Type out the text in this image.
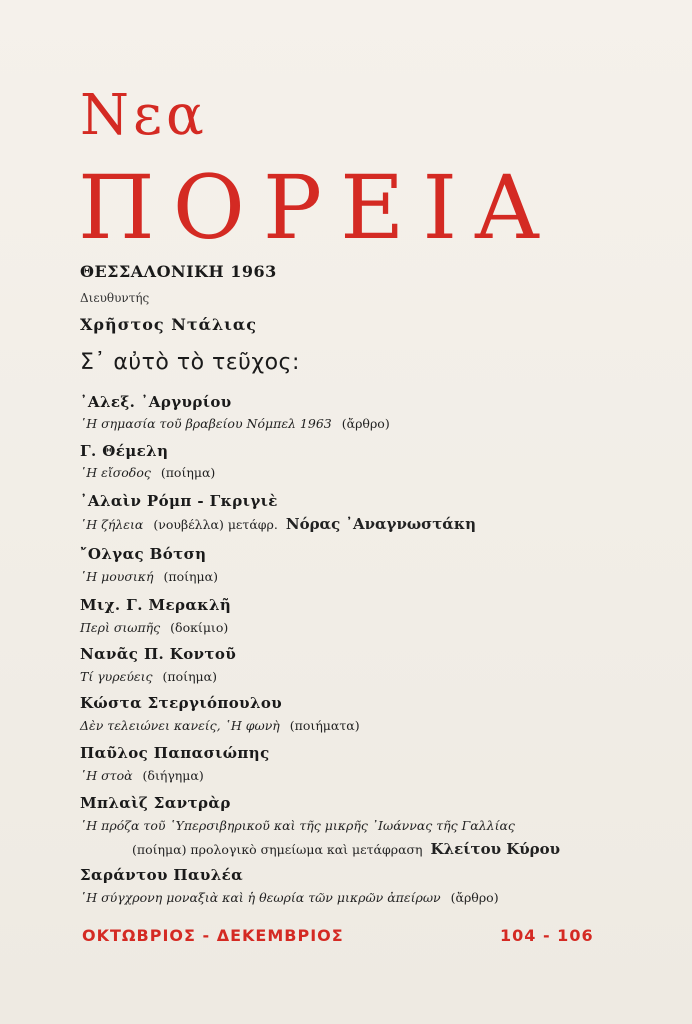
Νεα
ΠΟΡΕΙΑ
ΘΕΣΣΑΛΟΝΙΚΗ 1963
Διευθυντής
Χρῆστος Ντάλιας
Σ᾽ αὐτὸ τὸ τεῦχος:
᾽Αλεξ. ᾽Αργυρίου
῾Η σημασία τοῦ βραβείου Νόμπελ 1963 (ἄρθρο)
Γ. Θέμελη
῾Η εἴσοδος (ποίημα)
᾽Αλαὶν Ρόμπ - Γκριγιὲ
῾Η ζήλεια (νουβέλλα) μετάφρ. Νόρας ᾽Αναγνωστάκη
῎Ολγας Βότση
῾Η μουσική (ποίημα)
Μιχ. Γ. Μερακλῆ
Περὶ σιωπῆς (δοκίμιο)
Νανᾶς Π. Κοντοῦ
Τί γυρεύεις (ποίημα)
Κώστα Στεργιόπουλου
Δὲν τελειώνει κανείς, ῾Η φωνὴ (ποιήματα)
Παῦλος Παπασιώπης
῾Η στοὰ (διήγημα)
Μπλαὶζ Σαντρὰρ
῾Η πρόζα τοῦ ῾Υπερσιβηρικοῦ καὶ τῆς μικρῆς ᾽Ιωάννας τῆς Γαλλίας
(ποίημα) προλογικὸ σημείωμα καὶ μετάφραση Κλείτου Κύρου
Σαράντου Παυλέα
῾Η σύγχρονη μοναξιὰ καὶ ἡ θεωρία τῶν μικρῶν ἀπείρων (ἄρθρο)
ΟΚΤΩΒΡΙΟΣ - ΔΕΚΕΜΒΡΙΟΣ	104 - 106
